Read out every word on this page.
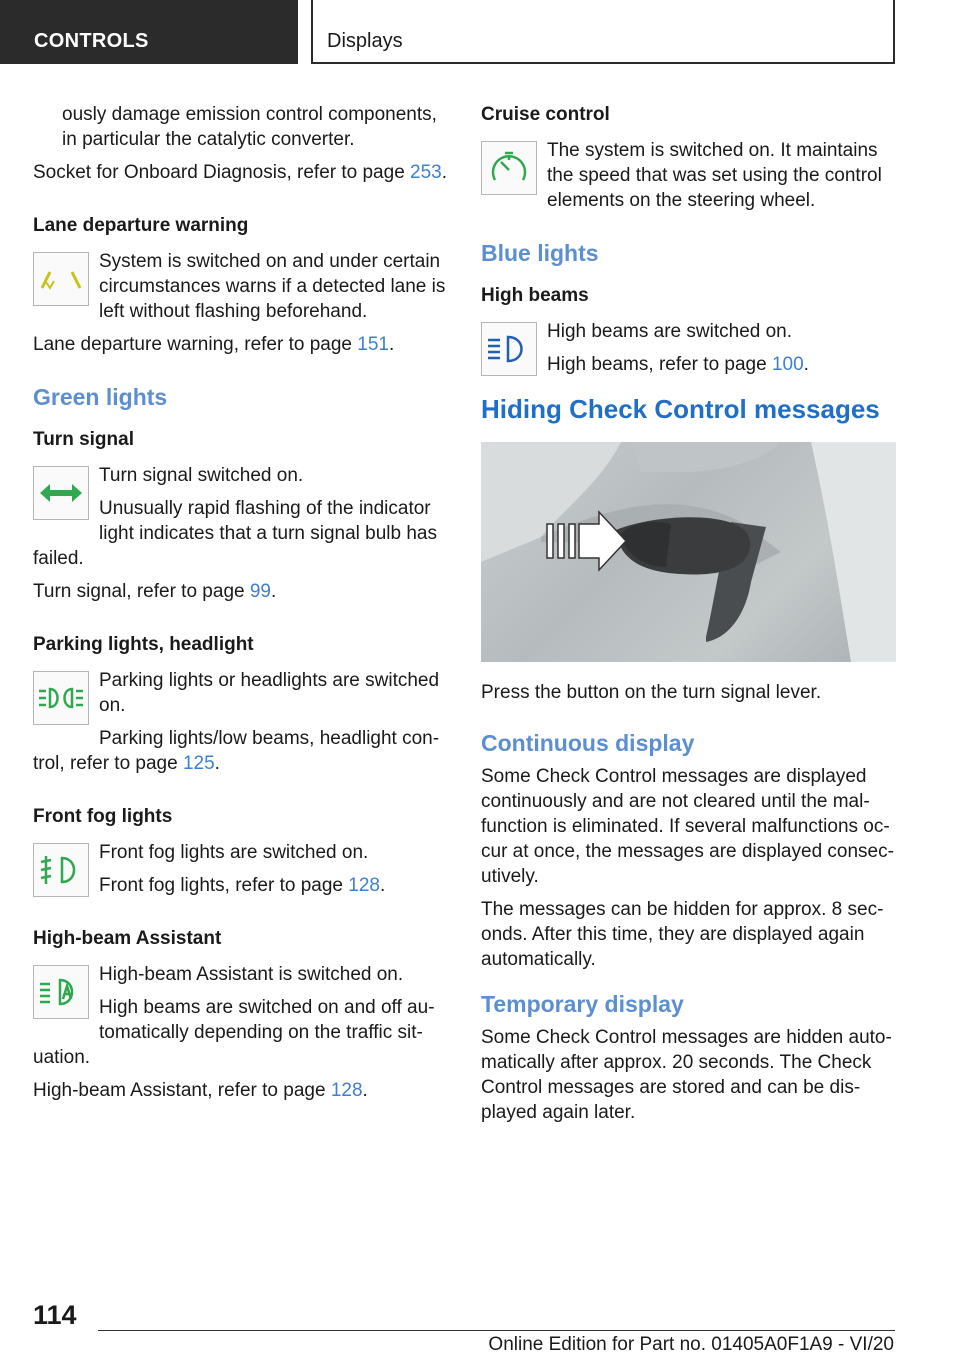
CONTROLS	Displays

ously damage emission control components, in particular the catalytic converter.

Socket for Onboard Diagnosis, refer to page 253.

Lane departure warning

System is switched on and under certain circumstances warns if a detected lane is left without flashing beforehand.

Lane departure warning, refer to page 151.

Green lights
Turn signal

Turn signal switched on.

Unusually rapid flashing of the indicator light indicates that a turn signal bulb has failed.

Turn signal, refer to page 99.

Parking lights, headlight

Parking lights or headlights are switched on.

Parking lights/low beams, headlight con-trol, refer to page 125.

Front fog lights

Front fog lights are switched on.

Front fog lights, refer to page 128.

High-beam Assistant

High-beam Assistant is switched on.

High beams are switched on and off au-tomatically depending on the traffic sit-uation.

High-beam Assistant, refer to page 128.

Cruise control

The system is switched on. It maintains the speed that was set using the control elements on the steering wheel.

Blue lights
High beams

High beams are switched on.

High beams, refer to page 100.

Hiding Check Control messages

Press the button on the turn signal lever.

Continuous display

Some Check Control messages are displayed continuously and are not cleared until the mal-function is eliminated. If several malfunctions oc-cur at once, the messages are displayed consec-utively.

The messages can be hidden for approx. 8 sec-onds. After this time, they are displayed again automatically.

Temporary display

Some Check Control messages are hidden auto-matically after approx. 20 seconds. The Check Control messages are stored and can be dis-played again later.

114
Online Edition for Part no. 01405A0F1A9 - VI/20
